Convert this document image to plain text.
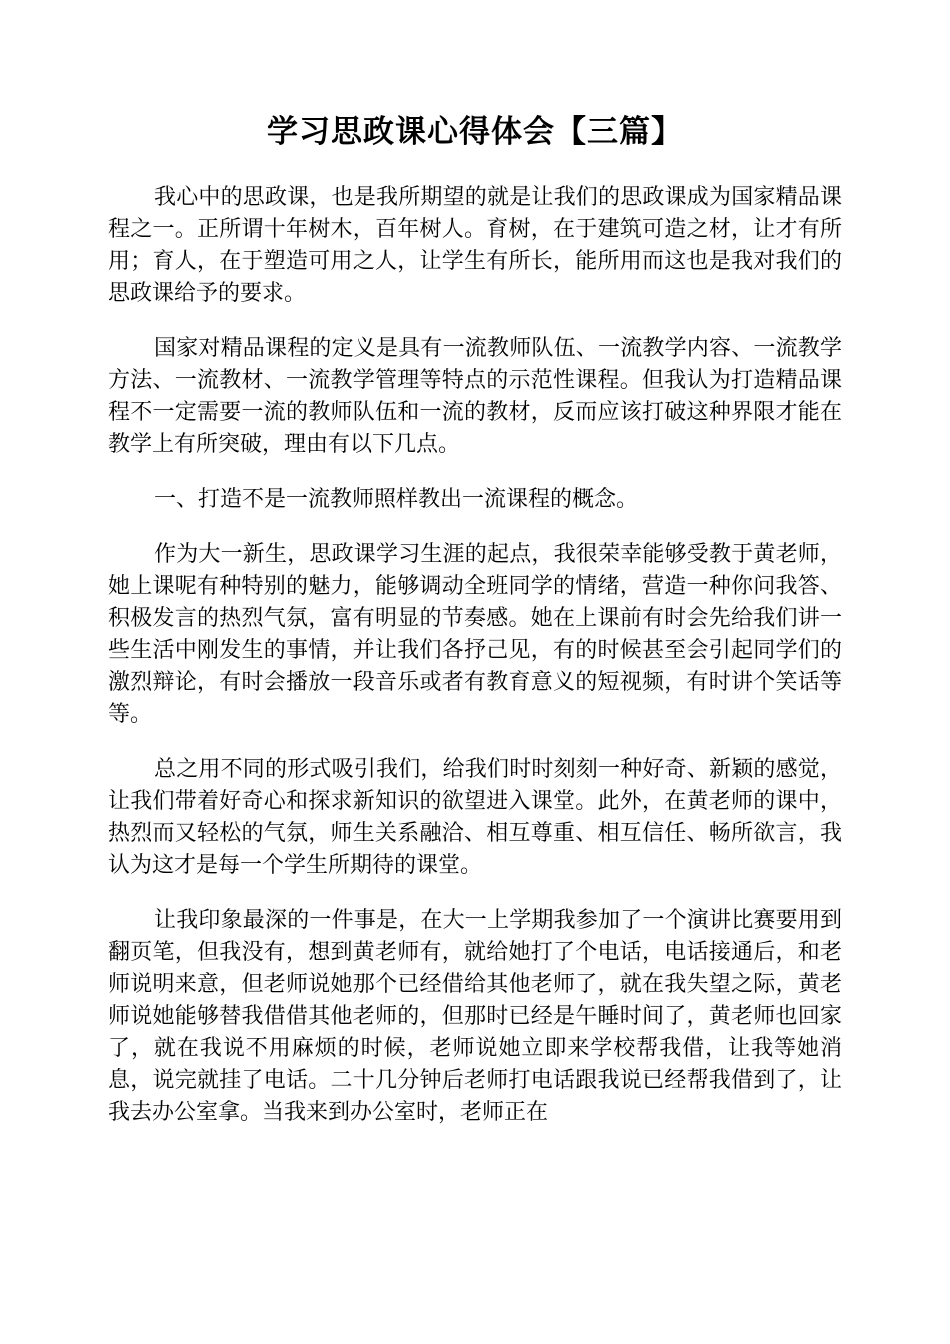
学习思政课心得体会【三篇】

我心中的思政课，也是我所期望的就是让我们的思政课成为国家精品课程之一。正所谓十年树木，百年树人。育树，在于建筑可造之材，让才有所用；育人，在于塑造可用之人，让学生有所长，能所用而这也是我对我们的思政课给予的要求。

国家对精品课程的定义是具有一流教师队伍、一流教学内容、一流教学方法、一流教材、一流教学管理等特点的示范性课程。但我认为打造精品课程不一定需要一流的教师队伍和一流的教材，反而应该打破这种界限才能在教学上有所突破，理由有以下几点。

一、打造不是一流教师照样教出一流课程的概念。

作为大一新生，思政课学习生涯的起点，我很荣幸能够受教于黄老师，她上课呢有种特别的魅力，能够调动全班同学的情绪，营造一种你问我答、积极发言的热烈气氛，富有明显的节奏感。她在上课前有时会先给我们讲一些生活中刚发生的事情，并让我们各抒己见，有的时候甚至会引起同学们的激烈辩论，有时会播放一段音乐或者有教育意义的短视频，有时讲个笑话等等。

总之用不同的形式吸引我们，给我们时时刻刻一种好奇、新颖的感觉，让我们带着好奇心和探求新知识的欲望进入课堂。此外，在黄老师的课中，热烈而又轻松的气氛，师生关系融洽、相互尊重、相互信任、畅所欲言，我认为这才是每一个学生所期待的课堂。

让我印象最深的一件事是，在大一上学期我参加了一个演讲比赛要用到翻页笔，但我没有，想到黄老师有，就给她打了个电话，电话接通后，和老师说明来意，但老师说她那个已经借给其他老师了，就在我失望之际，黄老师说她能够替我借借其他老师的，但那时已经是午睡时间了，黄老师也回家了，就在我说不用麻烦的时候，老师说她立即来学校帮我借，让我等她消息，说完就挂了电话。二十几分钟后老师打电话跟我说已经帮我借到了，让我去办公室拿。当我来到办公室时，老师正在
